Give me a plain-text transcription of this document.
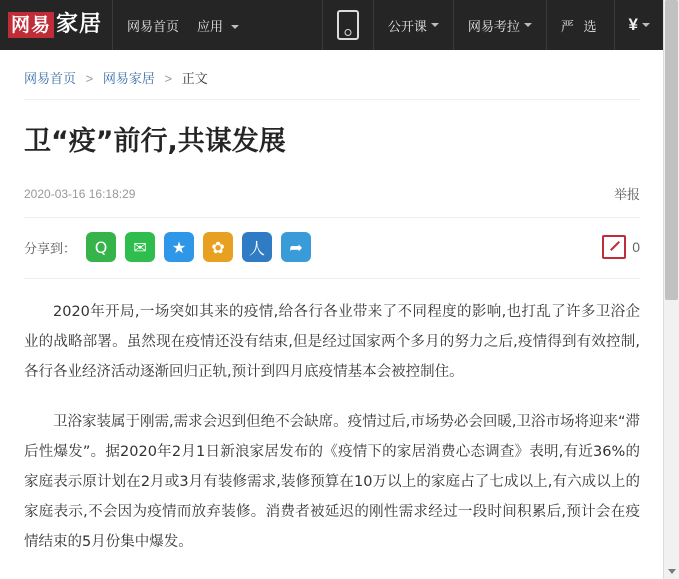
网易 家居 网易首页 应用	公开课	网易考拉	严 选 ¥
网易首页 > 网易家居 > 正文
卫“疫”前行,共谋发展
2020-03-16 16:18:29	举报
分享到：	Q	✉	★	✿	人	➦	0

2020年开局,一场突如其来的疫情,给各行各业带来了不同程度的影响,也打乱了许多卫浴企业的战略部署。虽然现在疫情还没有结束,但是经过国家两个多月的努力之后,疫情得到有效控制,各行各业经济活动逐渐回归正轨,预计到四月底疫情基本会被控制住。

卫浴家装属于刚需,需求会迟到但绝不会缺席。疫情过后,市场势必会回暖,卫浴市场将迎来“滞后性爆发”。据2020年2月1日新浪家居发布的《疫情下的家居消费心态调查》表明,有近36%的家庭表示原计划在2月或3月有装修需求,装修预算在10万以上的家庭占了七成以上,有六成以上的家庭表示,不会因为疫情而放弃装修。消费者被延迟的刚性需求经过一段时间积累后,预计会在疫情结束的5月份集中爆发。
